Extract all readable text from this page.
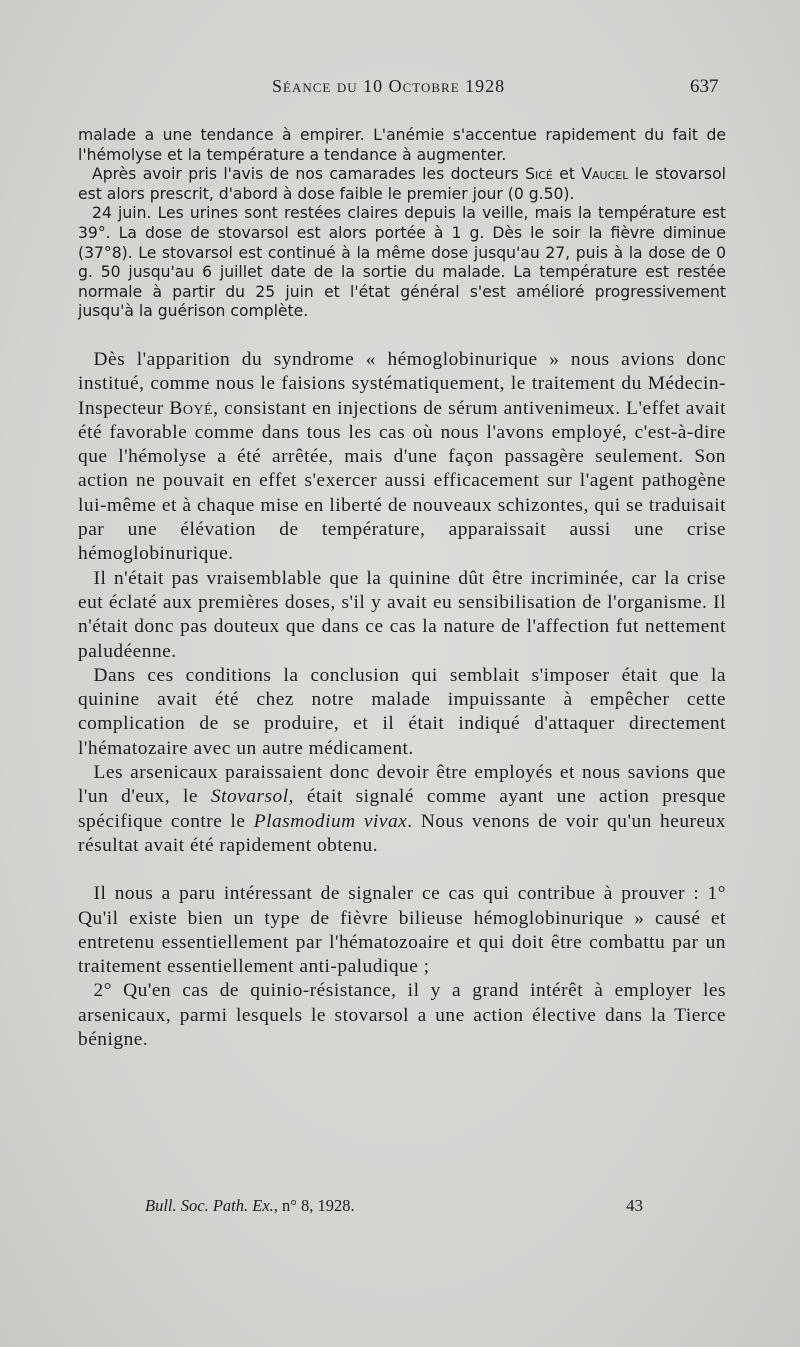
Séance du 10 Octobre 1928	637

malade a une tendance à empirer. L'anémie s'accentue rapidement du fait de l'hémolyse et la température a tendance à augmenter.

Après avoir pris l'avis de nos camarades les docteurs Sicé et Vaucel le stovarsol est alors prescrit, d'abord à dose faible le premier jour (0 g.50).

24 juin. Les urines sont restées claires depuis la veille, mais la température est 39°. La dose de stovarsol est alors portée à 1 g. Dès le soir la fièvre diminue (37°8). Le stovarsol est continué à la même dose jusqu'au 27, puis à la dose de 0 g. 50 jusqu'au 6 juillet date de la sortie du malade. La température est restée normale à partir du 25 juin et l'état général s'est amélioré progressivement jusqu'à la guérison complète.

Dès l'apparition du syndrome « hémoglobinurique » nous avions donc institué, comme nous le faisions systématiquement, le traitement du Médecin-Inspecteur Boyé, consistant en injections de sérum antivenimeux. L'effet avait été favorable comme dans tous les cas où nous l'avons employé, c'est-à-dire que l'hémolyse a été arrêtée, mais d'une façon passagère seulement. Son action ne pouvait en effet s'exercer aussi efficacement sur l'agent pathogène lui-même et à chaque mise en liberté de nouveaux schizontes, qui se traduisait par une élévation de température, apparaissait aussi une crise hémoglobinurique.

Il n'était pas vraisemblable que la quinine dût être incriminée, car la crise eut éclaté aux premières doses, s'il y avait eu sensibilisation de l'organisme. Il n'était donc pas douteux que dans ce cas la nature de l'affection fut nettement paludéenne.

Dans ces conditions la conclusion qui semblait s'imposer était que la quinine avait été chez notre malade impuissante à empêcher cette complication de se produire, et il était indiqué d'attaquer directement l'hématozaire avec un autre médicament.

Les arsenicaux paraissaient donc devoir être employés et nous savions que l'un d'eux, le Stovarsol, était signalé comme ayant une action presque spécifique contre le Plasmodium vivax. Nous venons de voir qu'un heureux résultat avait été rapidement obtenu.

Il nous a paru intéressant de signaler ce cas qui contribue à prouver : 1° Qu'il existe bien un type de fièvre bilieuse hémoglobinurique » causé et entretenu essentiellement par l'hématozoaire et qui doit être combattu par un traitement essentiellement anti-paludique ;

2° Qu'en cas de quinio-résistance, il y a grand intérêt à employer les arsenicaux, parmi lesquels le stovarsol a une action élective dans la Tierce bénigne.

Bull. Soc. Path. Ex., n° 8, 1928.	43
